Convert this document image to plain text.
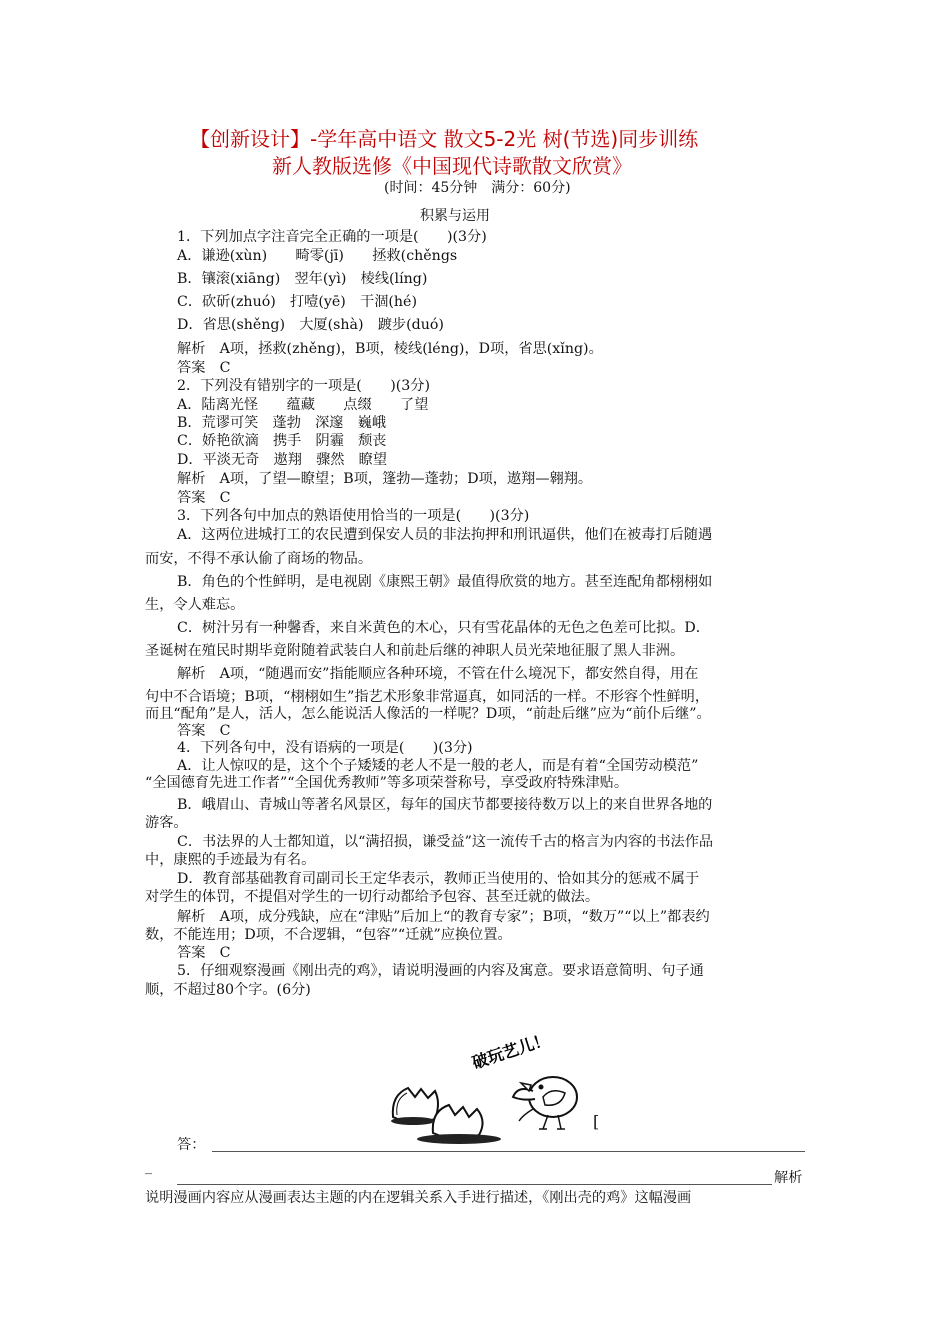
【创新设计】-学年高中语文 散文5-2光 树(节选)同步训练
新人教版选修《中国现代诗歌散文欣赏》
(时间：45分钟　满分：60分)
积累与运用
1．下列加点字注音完全正确的一项是(　　)(3分)
A．谦逊(xùn)　　畸零(jī)　　拯救(chěngs
B．镶滚(xiāng)　翌年(yì)　棱线(líng)
C．砍斫(zhuó)　打噎(yē)　干涸(hé)
D．省思(shěng)　大厦(shà)　踱步(duó)
解析　A项，拯救(zhěng)，B项，棱线(léng)，D项，省思(xǐng)。
答案　C
2．下列没有错别字的一项是(　　)(3分)
A．陆离光怪　　蕴藏　　点缀　　了望
B．荒谬可笑　蓬勃　深邃　巍峨
C．娇艳欲滴　携手　阴霾　颓丧
D．平淡无奇　遨翔　骤然　瞭望
解析　A项，了望—瞭望；B项，篷勃—蓬勃；D项，遨翔—翱翔。
答案　C
3．下列各句中加点的熟语使用恰当的一项是(　　)(3分)
A．这两位进城打工的农民遭到保安人员的非法拘押和刑讯逼供，他们在被毒打后随遇
而安，不得不承认偷了商场的物品。
B．角色的个性鲜明，是电视剧《康熙王朝》最值得欣赏的地方。甚至连配角都栩栩如
生，令人难忘。
C．树汁另有一种馨香，来自米黄色的木心，只有雪花晶体的无色之色差可比拟。D．
圣诞树在殖民时期毕竟附随着武装白人和前赴后继的神职人员光荣地征服了黑人非洲。
解析　A项，“随遇而安”指能顺应各种环境，不管在什么境况下，都安然自得，用在
句中不合语境；B项，“栩栩如生”指艺术形象非常逼真，如同活的一样。不形容个性鲜明，
而且“配角”是人，活人，怎么能说活人像活的一样呢？D项，“前赴后继”应为“前仆后继”。
答案　C
4．下列各句中，没有语病的一项是(　　)(3分)
A．让人惊叹的是，这个个子矮矮的老人不是一般的老人，而是有着“全国劳动模范”
“全国德育先进工作者”“全国优秀教师”等多项荣誉称号，享受政府特殊津贴。
B．峨眉山、青城山等著名风景区，每年的国庆节都要接待数万以上的来自世界各地的
游客。
C．书法界的人士都知道，以“满招损，谦受益”这一流传千古的格言为内容的书法作品
中，康熙的手迹最为有名。
D．教育部基础教育司副司长王定华表示，教师正当使用的、恰如其分的惩戒不属于
对学生的体罚，不提倡对学生的一切行动都给予包容、甚至迁就的做法。
解析　A项，成分残缺，应在“津贴”后加上“的教育专家”；B项，“数万”“以上”都表约
数，不能连用；D项，不合逻辑，“包容”“迁就”应换位置。
答案　C
5．仔细观察漫画《刚出壳的鸡》，请说明漫画的内容及寓意。要求语意简明、句子通
顺，不超过80个字。(6分)
破玩艺儿！
[
答：
_
解析
说明漫画内容应从漫画表达主题的内在逻辑关系入手进行描述，《刚出壳的鸡》这幅漫画
